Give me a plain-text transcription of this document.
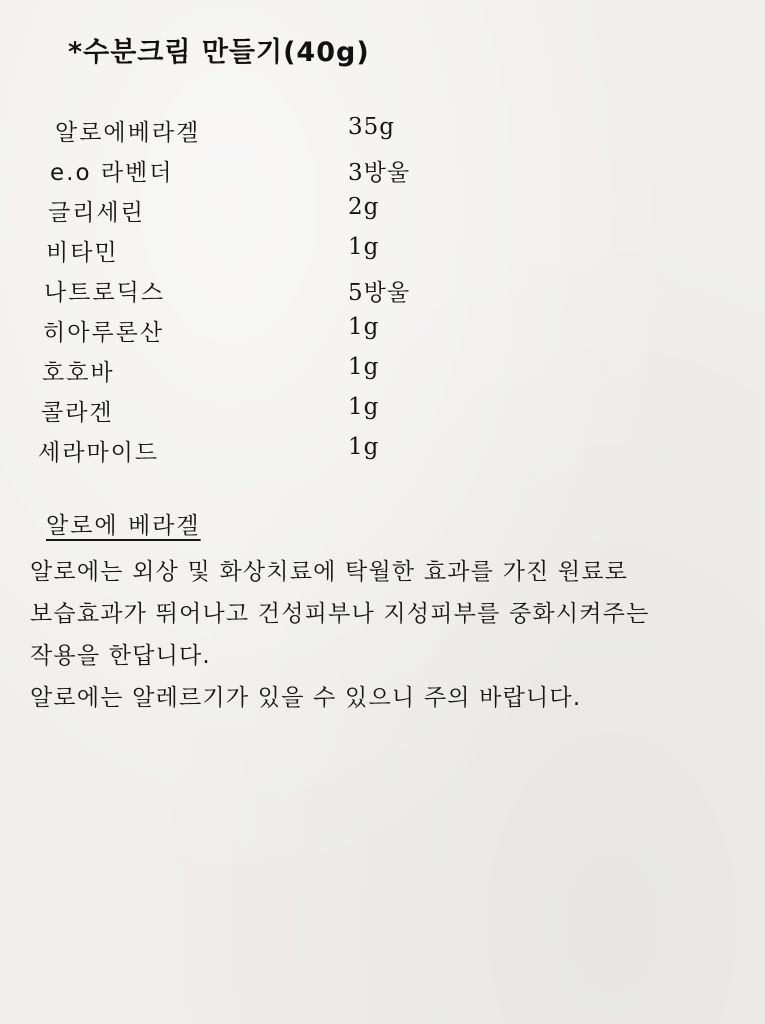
*수분크림 만들기(40g)
알로에베라겔	35g
e.o 라벤더	3방울
글리세린	2g
비타민	1g
나트로딕스	5방울
히아루론산	1g
호호바	1g
콜라겐	1g
세라마이드	1g
알로에 베라겔
알로에는 외상 및 화상치료에 탁월한 효과를 가진 원료로
보습효과가 뛰어나고 건성피부나 지성피부를 중화시켜주는
작용을 한답니다.
알로에는 알레르기가 있을 수 있으니 주의 바랍니다.
